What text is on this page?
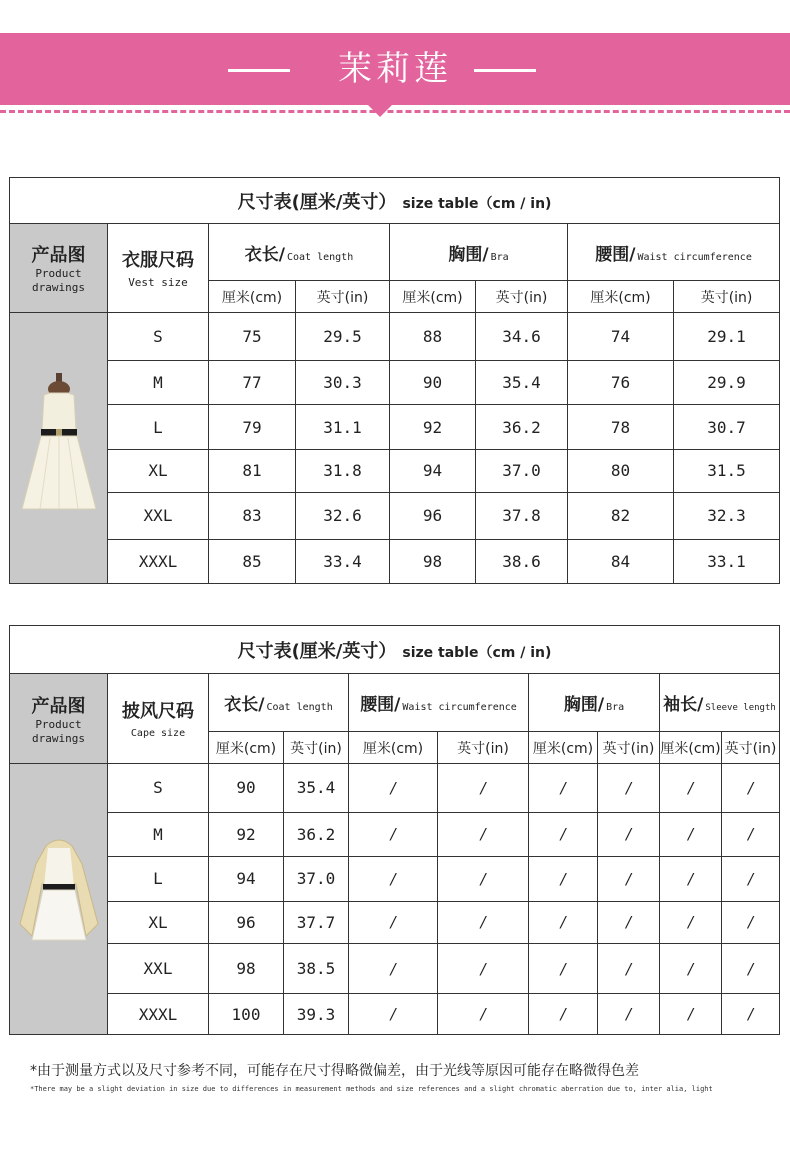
茉莉莲
尺寸表(厘米/英寸） size table（cm / in)							

产品图
Product drawings	衣服尺码
Vest size	衣长/ Coat length		胸围/ Bra		腰围/ Waist circumference	
		厘米(cm)	英寸(in)	厘米(cm)	英寸(in)	厘米(cm)	英寸(in)
	S	75	29.5	88	34.6	74	29.1
	M	77	30.3	90	35.4	76	29.9
	L	79	31.1	92	36.2	78	30.7
	XL	81	31.8	94	37.0	80	31.5
	XXL	83	32.6	96	37.8	82	32.3
	XXXL	85	33.4	98	38.6	84	33.1
尺寸表(厘米/英寸） size table（cm / in)									

产品图
Product drawings	披风尺码
Cape size	衣长/ Coat length		腰围/ Waist circumference		胸围/ Bra		袖长/ Sleeve length	
		厘米(cm)	英寸(in)	厘米(cm)	英寸(in)	厘米(cm)	英寸(in)	厘米(cm)	英寸(in)
	S	90	35.4	/	/	/	/	/	/
	M	92	36.2	/	/	/	/	/	/
	L	94	37.0	/	/	/	/	/	/
	XL	96	37.7	/	/	/	/	/	/
	XXL	98	38.5	/	/	/	/	/	/
	XXXL	100	39.3	/	/	/	/	/	/
*由于测量方式以及尺寸参考不同，可能存在尺寸得略微偏差，由于光线等原因可能存在略微得色差
*There may be a slight deviation in size due to differences in measurement methods and size references and a slight chromatic aberration due to, inter alia, light
